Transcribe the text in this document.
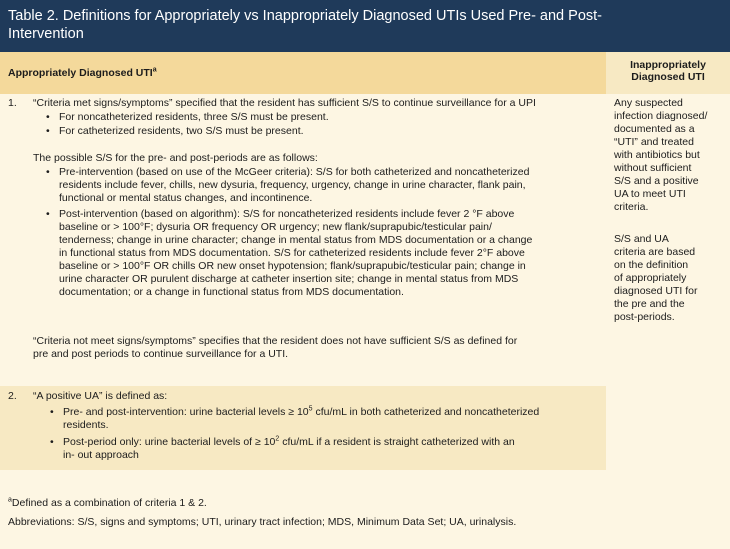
Table 2. Definitions for Appropriately vs Inappropriately Diagnosed UTIs Used Pre- and Post-
Intervention
Appropriately Diagnosed UTI$^a$	Inappropriately
Diagnosed UTI
1. “Criteria met signs/symptoms” specified that the resident has sufficient S/S to continue surveillance for a UPI
• For noncatheterized residents, three S/S must be present.
• For catheterized residents, two S/S must be present.
The possible S/S for the pre- and post-periods are as follows:
• Pre-intervention (based on use of the McGeer criteria): S/S for both catheterized and noncatheterized
residents include fever, chills, new dysuria, frequency, urgency, change in urine character, flank pain,
functional or mental status changes, and incontinence.
• Post-intervention (based on algorithm): S/S for noncatheterized residents include fever 2 °F above
baseline or > 100°F; dysuria OR frequency OR urgency; new flank/suprapubic/testicular pain/
tenderness; change in urine character; change in mental status from MDS documentation or a change
in functional status from MDS documentation. S/S for catheterized residents include fever 2°F above
baseline or > 100°F OR chills OR new onset hypotension; flank/suprapubic/testicular pain; change in
urine character OR purulent discharge at catheter insertion site; change in mental status from MDS
documentation; or a change in functional status from MDS documentation.
“Criteria not meet signs/symptoms” specifies that the resident does not have sufficient S/S as defined for
pre and post periods to continue surveillance for a UTI.
2. “A positive UA” is defined as:
• Pre- and post-intervention: urine bacterial levels ≥ $10^5$ cfu/mL in both catheterized and noncatheterized
residents.
• Post-period only: urine bacterial levels of ≥ $10^2$ cfu/mL if a resident is straight catheterized with an
in- out approach
Any suspected
infection diagnosed/
documented as a
“UTI” and treated
with antibiotics but
without sufficient
S/S and a positive
UA to meet UTI
criteria.
S/S and UA
criteria are based
on the definition
of appropriately
diagnosed UTI for
the pre and the
post-periods.
$^a$Defined as a combination of criteria 1 & 2.
Abbreviations: S/S, signs and symptoms; UTI, urinary tract infection; MDS, Minimum Data Set; UA, urinalysis.
